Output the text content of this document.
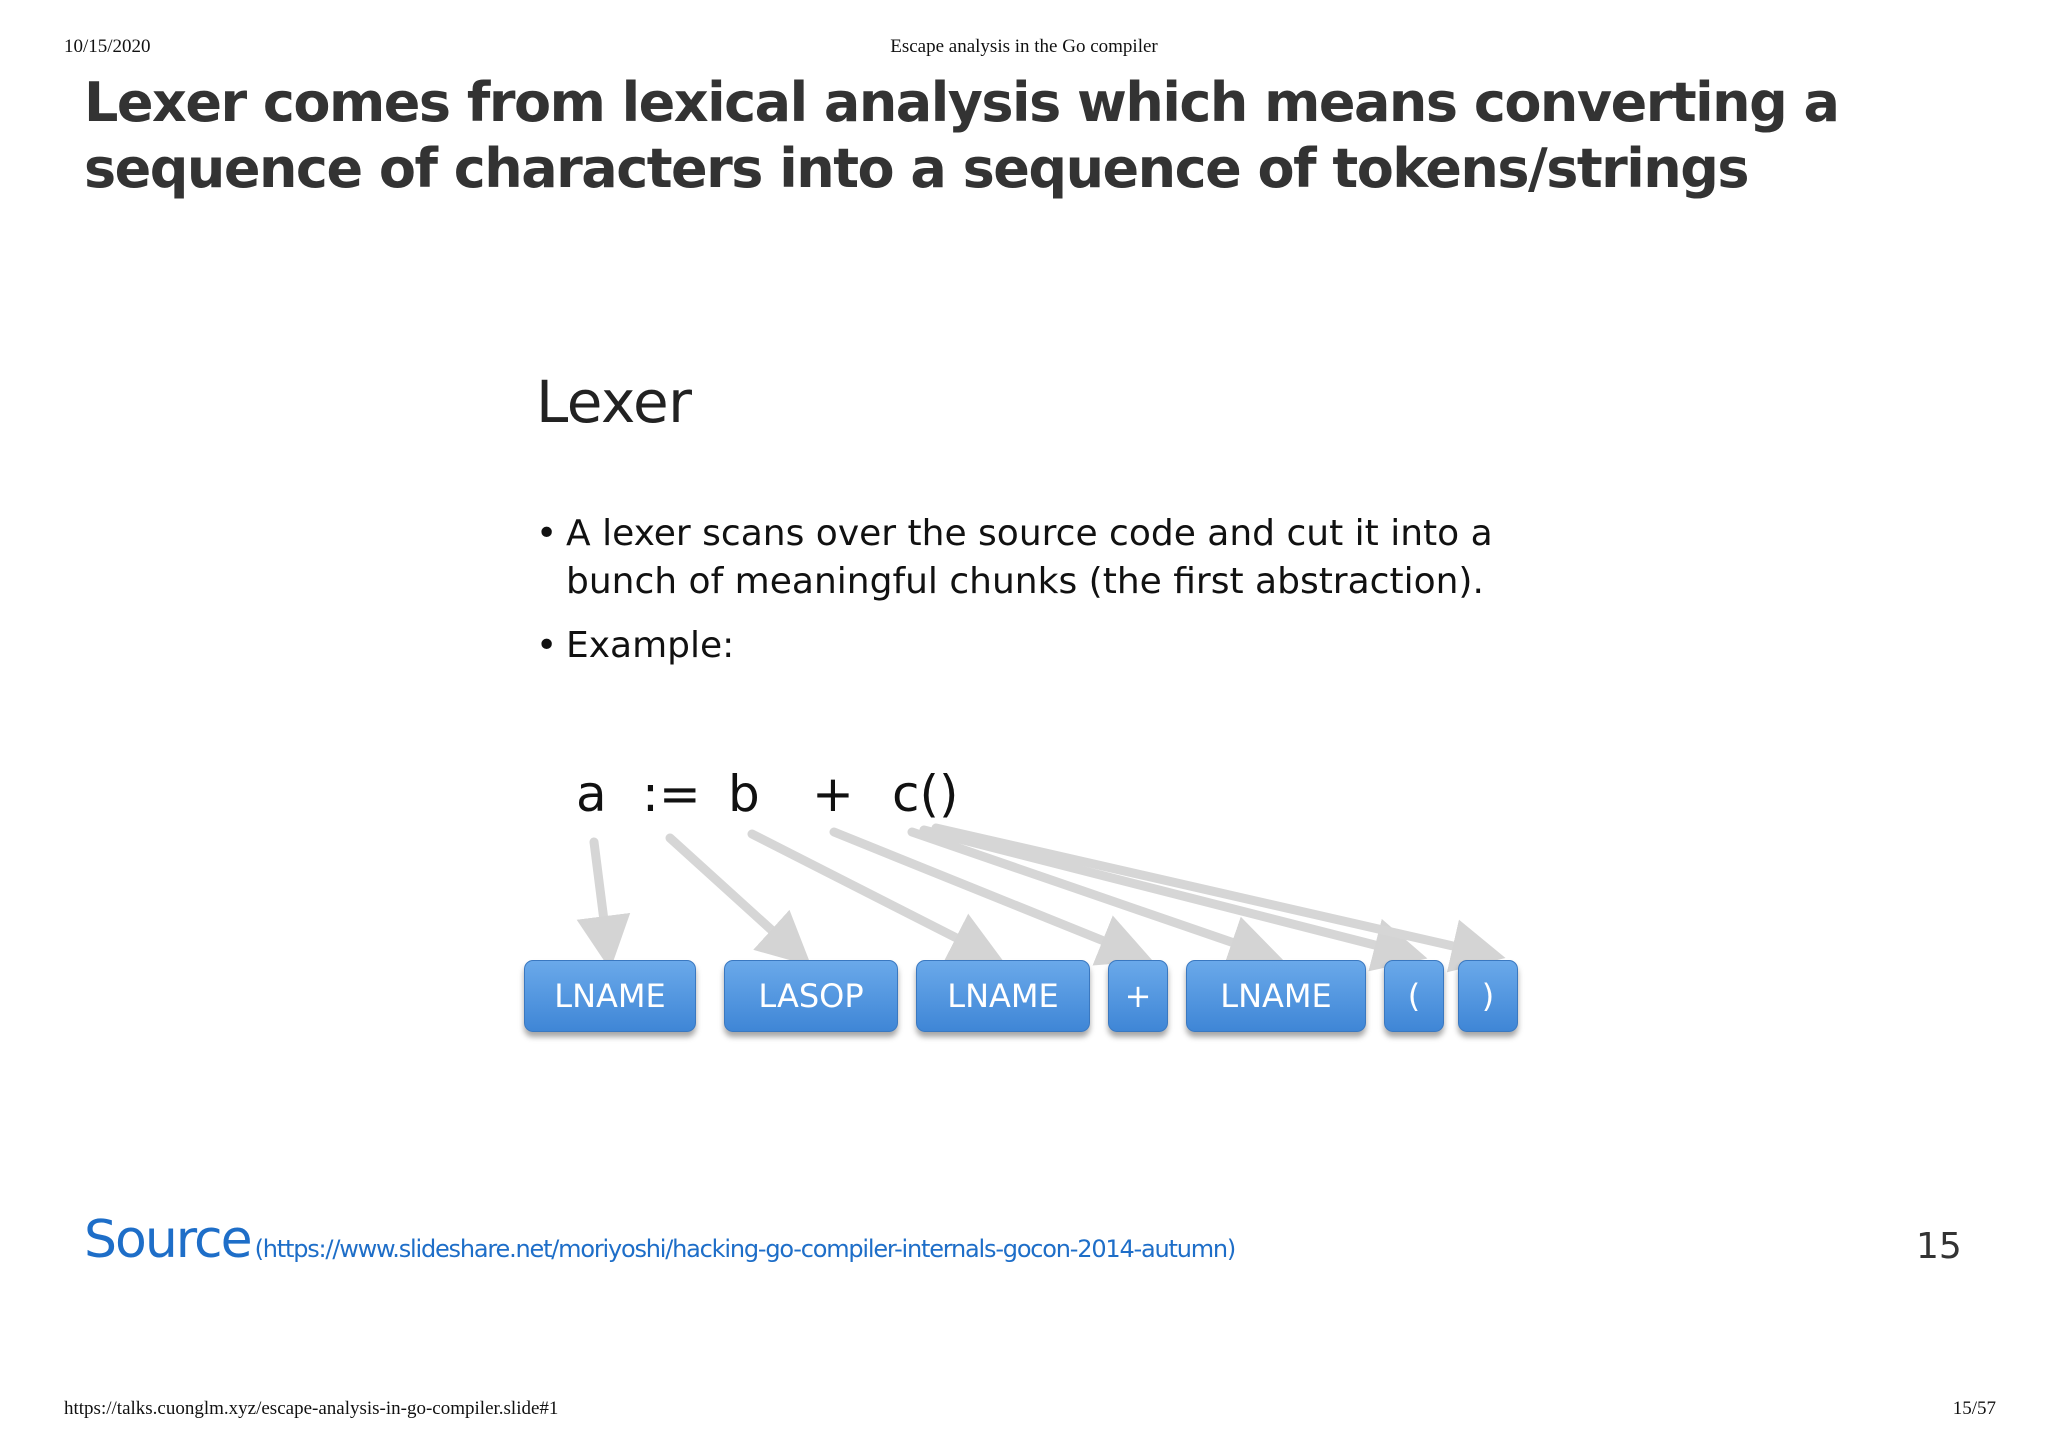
10/15/2020	Escape analysis in the Go compiler
Lexer comes from lexical analysis which means converting a sequence of characters into a sequence of tokens/strings
Lexer
• A lexer scans over the source code and cut it into a bunch of meaningful chunks (the first abstraction).
• Example:
a := b + c()
LNAME	LASOP	LNAME	+	LNAME	(	)
Source (https://www.slideshare.net/moriyoshi/hacking-go-compiler-internals-gocon-2014-autumn)	15
https://talks.cuonglm.xyz/escape-analysis-in-go-compiler.slide#1	15/57
